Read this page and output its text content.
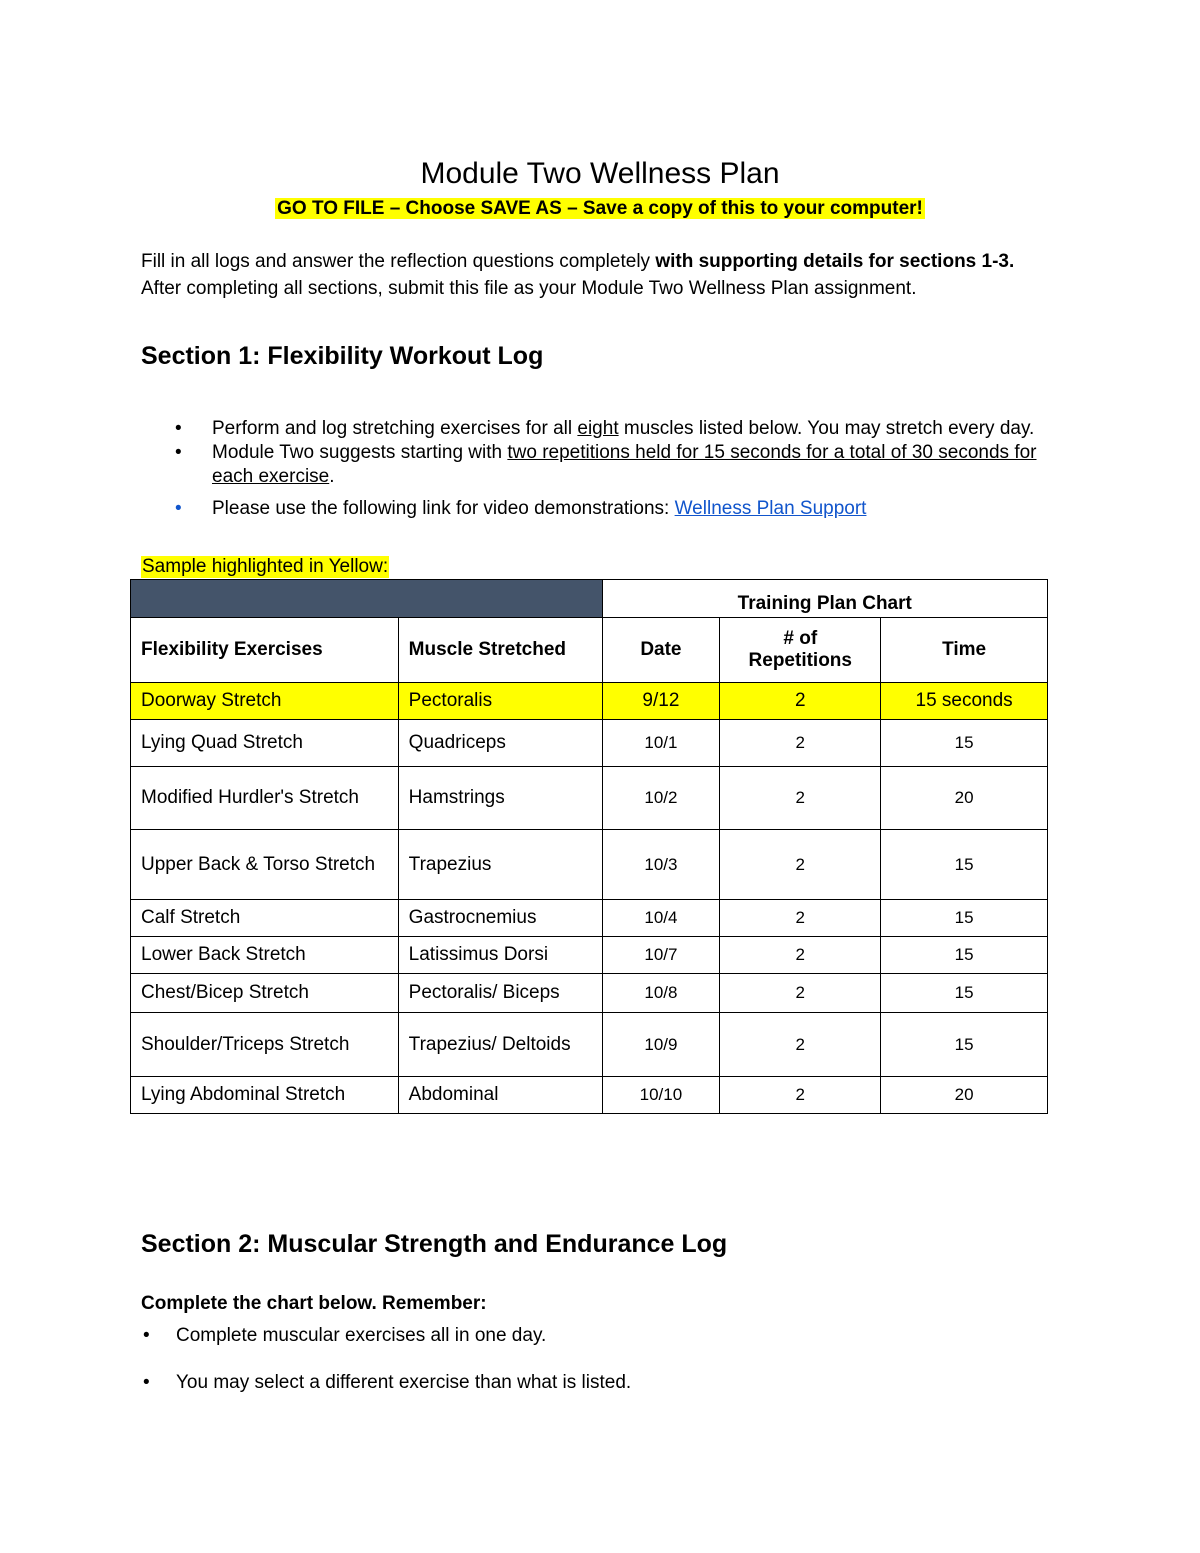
Module Two Wellness Plan
GO TO FILE – Choose SAVE AS – Save a copy of this to your computer!

Fill in all logs and answer the reflection questions completely with supporting details for sections 1-3. After completing all sections, submit this file as your Module Two Wellness Plan assignment.

Section 1: Flexibility Workout Log
• Perform and log stretching exercises for all eight muscles listed below. You may stretch every day.
• Module Two suggests starting with two repetitions held for 15 seconds for a total of 30 seconds for each exercise.
• Please use the following link for video demonstrations: Wellness Plan Support
Sample highlighted in Yellow:
		Training Plan Chart		
Flexibility Exercises	Muscle Stretched	Date	# of Repetitions	Time
Doorway Stretch	Pectoralis	9/12	2	15 seconds
Lying Quad Stretch	Quadriceps	10/1	2	15
Modified Hurdler's Stretch	Hamstrings	10/2	2	20
Upper Back & Torso Stretch	Trapezius	10/3	2	15
Calf Stretch	Gastrocnemius	10/4	2	15
Lower Back Stretch	Latissimus Dorsi	10/7	2	15
Chest/Bicep Stretch	Pectoralis/ Biceps	10/8	2	15
Shoulder/Triceps Stretch	Trapezius/ Deltoids	10/9	2	15
Lying Abdominal Stretch	Abdominal	10/10	2	20
Section 2: Muscular Strength and Endurance Log
Complete the chart below. Remember:
• Complete muscular exercises all in one day.
• You may select a different exercise than what is listed.
